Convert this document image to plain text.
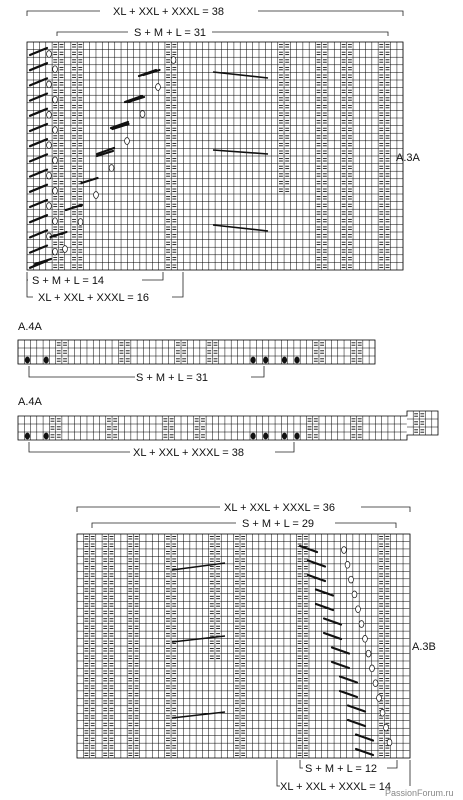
XL + XXL + XXXL = 38
S + M + L = 31
A.3A
S + M + L = 14
XL + XXL + XXXL = 16
A.4A
S + M + L = 31
A.4A
XL + XXL + XXXL = 38
XL + XXL + XXXL = 36
S + M + L = 29
A.3B
S + M + L = 12
XL + XXL + XXXL = 14
PassionForum.ru
